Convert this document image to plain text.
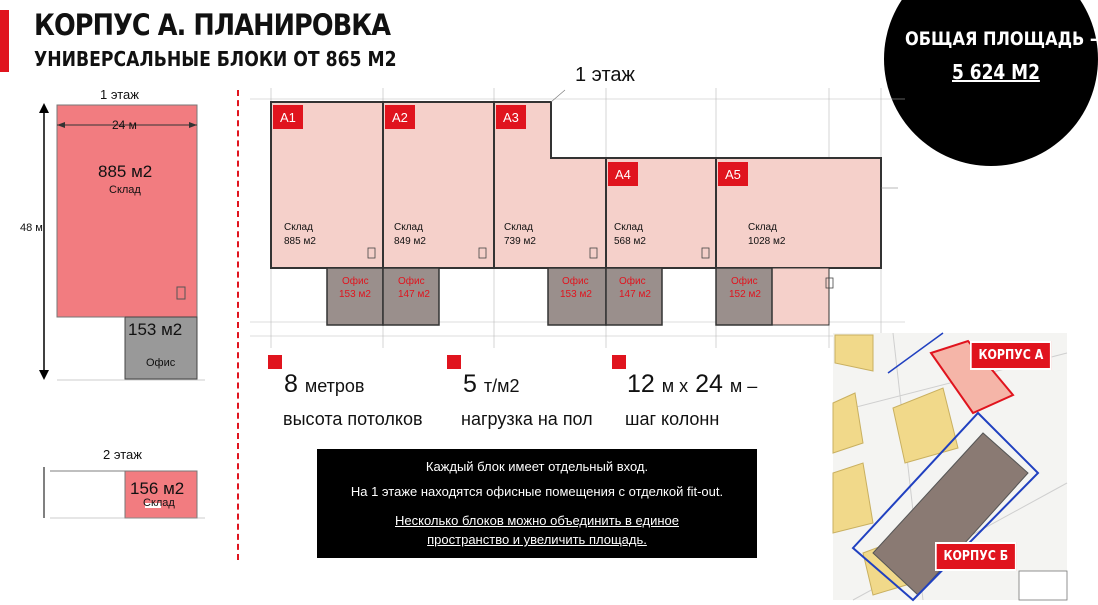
КОРПУС А. ПЛАНИРОВКА
УНИВЕРСАЛЬНЫЕ БЛОКИ ОТ 865 М2
ОБЩАЯ ПЛОЩАДЬ –
5 624 М2
1 этаж
24 м
48 м
885 м2
Склад
153 м2
Офис
2 этаж
156 м2
Склад
1 этаж
A1	A2	A3
A4	A5
Склад
885 м2
Склад
849 м2
Склад
739 м2
Склад
568 м2
Склад
1028 м2
Офис
153 м2
Офис
147 м2
Офис
153 м2
Офис
147 м2
Офис
152 м2
8 метров
высота потолков
5 т/м2
нагрузка на пол
12 м х 24 м –
шаг колонн
Каждый блок имеет отдельный вход.
На 1 этаже находятся офисные помещения с отделкой fit-out.
Несколько блоков можно объединить в единое
пространство и увеличить площадь.
КОРПУС А
КОРПУС Б
